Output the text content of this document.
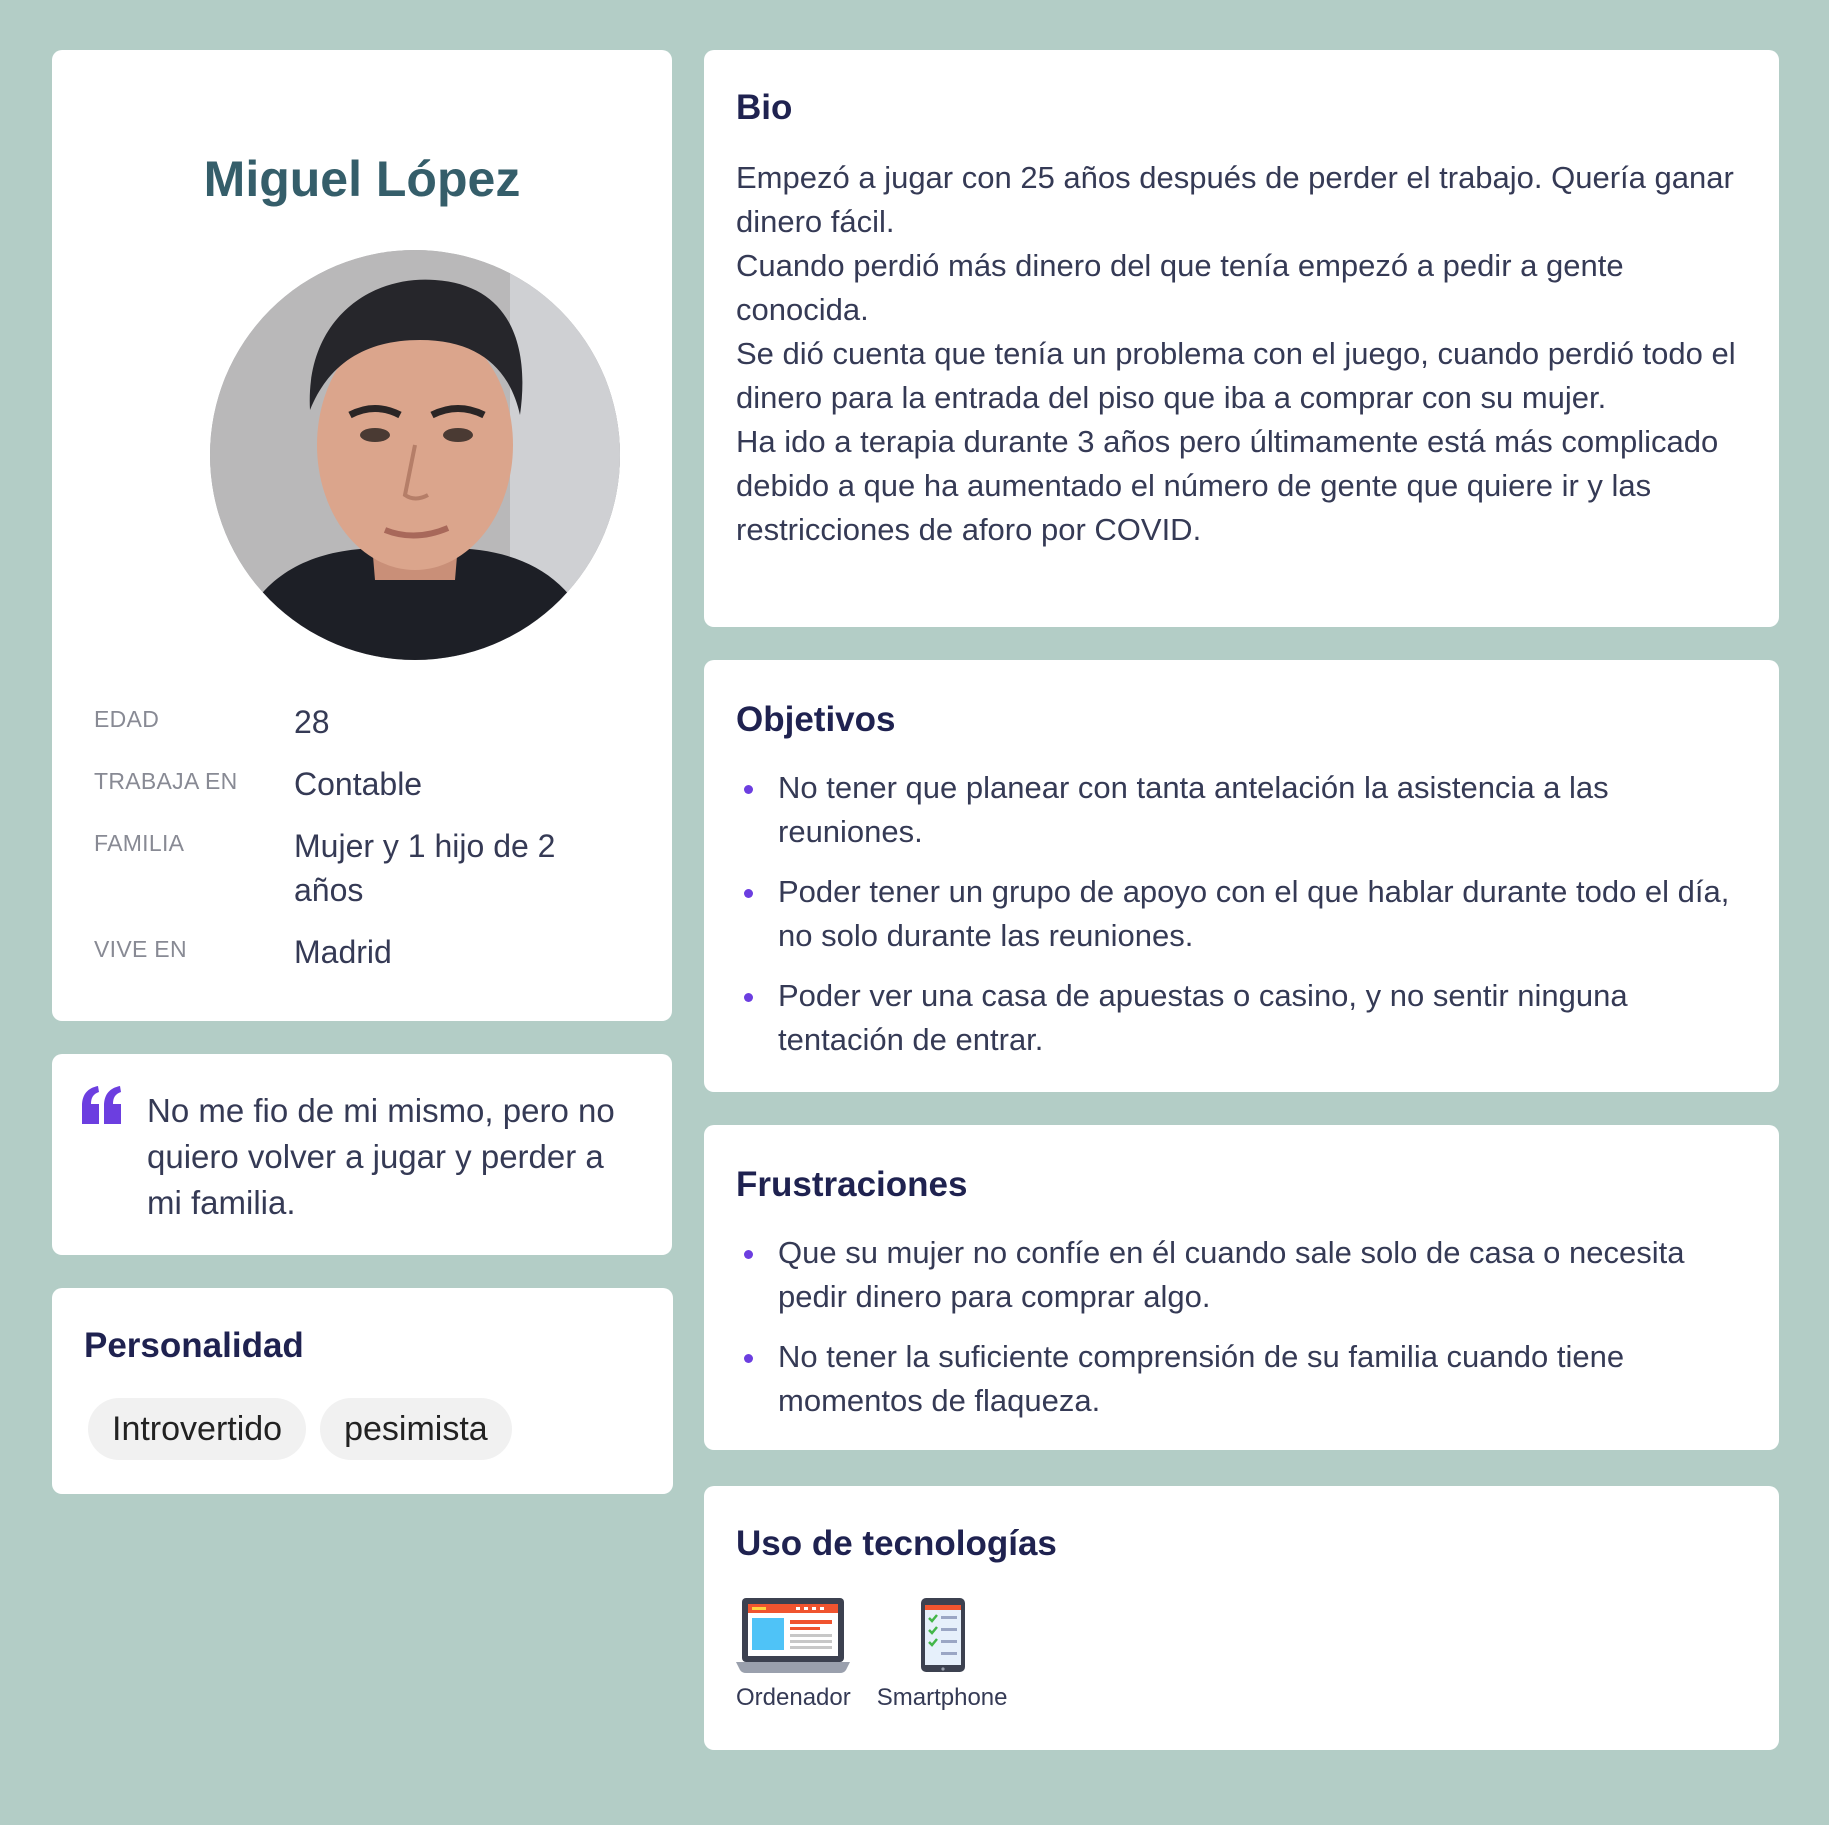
Miguel López
EDAD	28
TRABAJA EN	Contable
FAMILIA	Mujer y 1 hijo de 2 años
VIVE EN	Madrid
No me fio de mi mismo, pero no quiero volver a jugar y perder a mi familia.
Personalidad
Introvertido	pesimista
Bio
Empezó a jugar con 25 años después de perder el trabajo. Quería ganar dinero fácil.
Cuando perdió más dinero del que tenía empezó a pedir a gente conocida.
Se dió cuenta que tenía un problema con el juego, cuando perdió todo el dinero para la entrada del piso que iba a comprar con su mujer.
Ha ido a terapia durante 3 años pero últimamente está más complicado debido a que ha aumentado el número de gente que quiere ir y las restricciones de aforo por COVID.
Objetivos
No tener que planear con tanta antelación la asistencia a las reuniones.
Poder tener un grupo de apoyo con el que hablar durante todo el día, no solo durante las reuniones.
Poder ver una casa de apuestas o casino, y no sentir ninguna tentación de entrar.
Frustraciones
Que su mujer no confíe en él cuando sale solo de casa o necesita pedir dinero para comprar algo.
No tener la suficiente comprensión de su familia cuando tiene momentos de flaqueza.
Uso de tecnologías
Ordenador Smartphone
